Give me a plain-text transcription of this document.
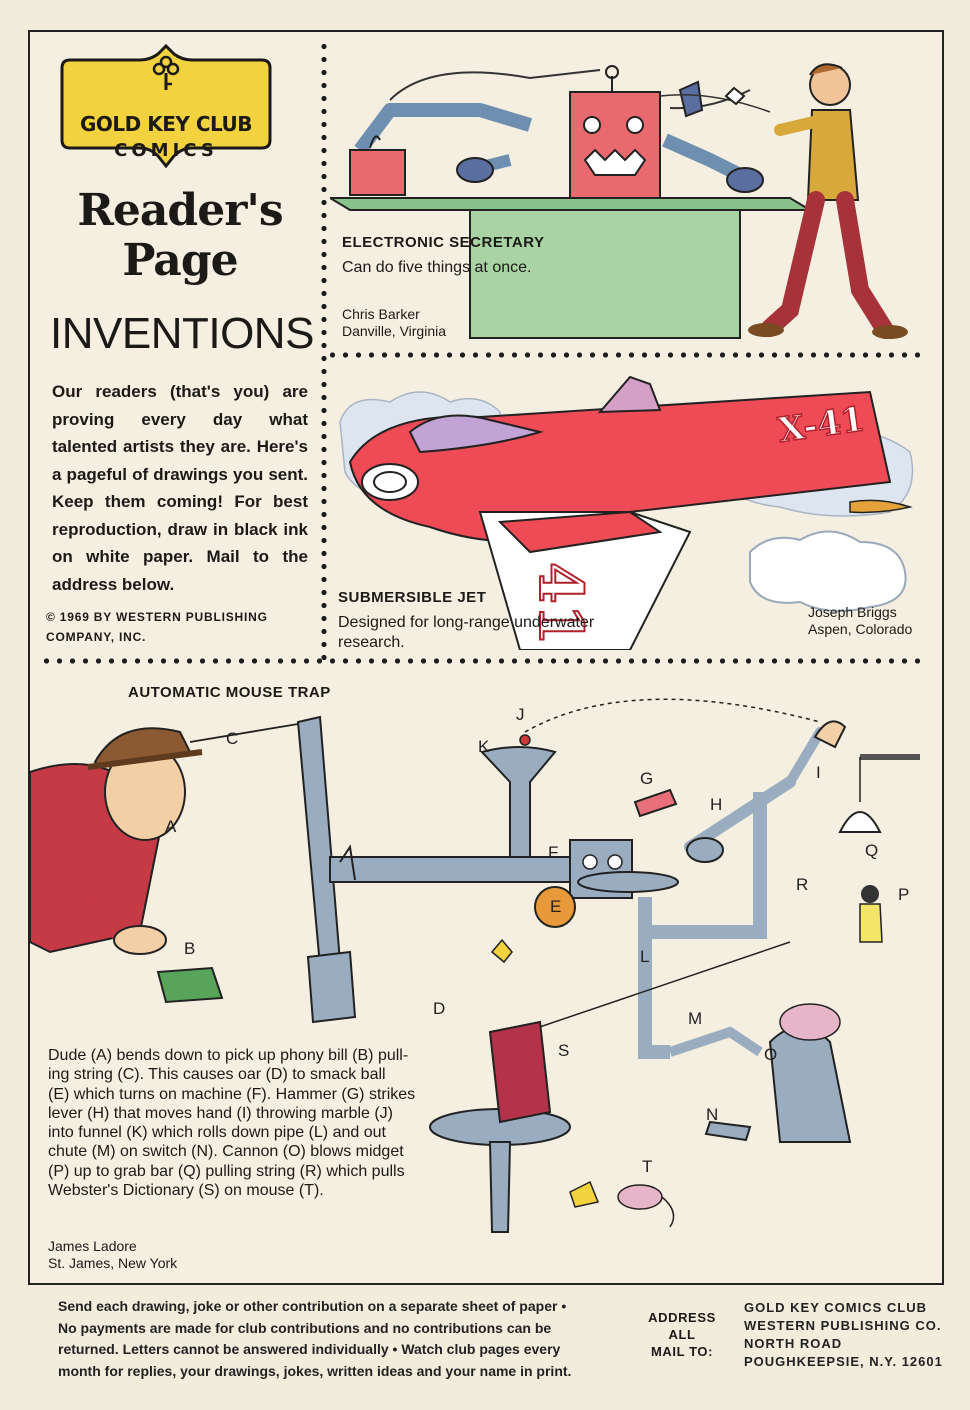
GOLD KEY CLUB
COMICS
Reader's
Page
INVENTIONS
Our readers (that's you) are proving every day what talented artists they are. Here's a pageful of drawings you sent. Keep them coming! For best reproduction, draw in black ink on white paper. Mail to the address below.
© 1969 BY WESTERN PUBLISHING
COMPANY, INC.
ELECTRONIC SECRETARY
Can do five things at once.
Chris Barker
Danville, Virginia
X-41
41
SUBMERSIBLE JET
Designed for long-range underwater
research.
Joseph Briggs
Aspen, Colorado
AUTOMATIC MOUSE TRAP
A
B
C
D
E
F
G
H
I
J
K
L
M
N
O
P
Q
R
S
T
Dude (A) bends down to pick up phony bill (B) pull-
ing string (C). This causes oar (D) to smack ball
(E) which turns on machine (F). Hammer (G) strikes
lever (H) that moves hand (I) throwing marble (J)
into funnel (K) which rolls down pipe (L) and out
chute (M) on switch (N). Cannon (O) blows midget
(P) up to grab bar (Q) pulling string (R) which pulls
Webster's Dictionary (S) on mouse (T).
James Ladore
St. James, New York
Send each drawing, joke or other contribution on a separate sheet of paper •
No payments are made for club contributions and no contributions can be
returned. Letters cannot be answered individually • Watch club pages every
month for replies, your drawings, jokes, written ideas and your name in print.
ADDRESS
ALL
MAIL TO:
GOLD KEY COMICS CLUB
WESTERN PUBLISHING CO.
NORTH ROAD
POUGHKEEPSIE, N.Y. 12601
